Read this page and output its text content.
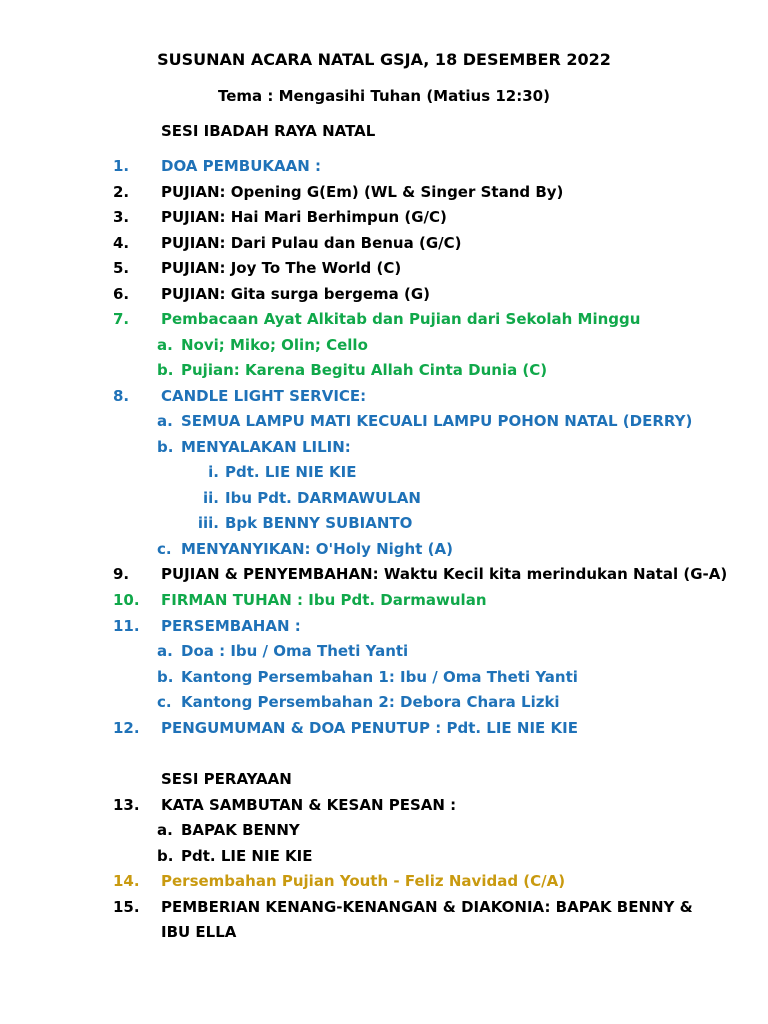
SUSUNAN ACARA NATAL GSJA, 18 DESEMBER 2022
Tema : Mengasihi Tuhan (Matius 12:30)
SESI IBADAH RAYA NATAL
1. DOA PEMBUKAAN :
2. PUJIAN: Opening G(Em) (WL & Singer Stand By)
3. PUJIAN: Hai Mari Berhimpun (G/C)
4. PUJIAN: Dari Pulau dan Benua (G/C)
5. PUJIAN: Joy To The World (C)
6. PUJIAN: Gita surga bergema (G)
7. Pembacaan Ayat Alkitab dan Pujian dari Sekolah Minggu
a. Novi; Miko; Olin; Cello
b. Pujian: Karena Begitu Allah Cinta Dunia (C)
8. CANDLE LIGHT SERVICE:
a. SEMUA LAMPU MATI KECUALI LAMPU POHON NATAL (DERRY)
b. MENYALAKAN LILIN:
i. Pdt. LIE NIE KIE
ii. Ibu Pdt. DARMAWULAN
iii. Bpk BENNY SUBIANTO
c. MENYANYIKAN: O'Holy Night (A)
9. PUJIAN & PENYEMBAHAN: Waktu Kecil kita merindukan Natal (G-A)
10. FIRMAN TUHAN : Ibu Pdt. Darmawulan
11. PERSEMBAHAN :
a. Doa : Ibu / Oma Theti Yanti
b. Kantong Persembahan 1: Ibu / Oma Theti Yanti
c. Kantong Persembahan 2: Debora Chara Lizki
12. PENGUMUMAN & DOA PENUTUP : Pdt. LIE NIE KIE
SESI PERAYAAN
13. KATA SAMBUTAN & KESAN PESAN :
a. BAPAK BENNY
b. Pdt. LIE NIE KIE
14. Persembahan Pujian Youth - Feliz Navidad (C/A)
15. PEMBERIAN KENANG-KENANGAN & DIAKONIA: BAPAK BENNY &
IBU ELLA
